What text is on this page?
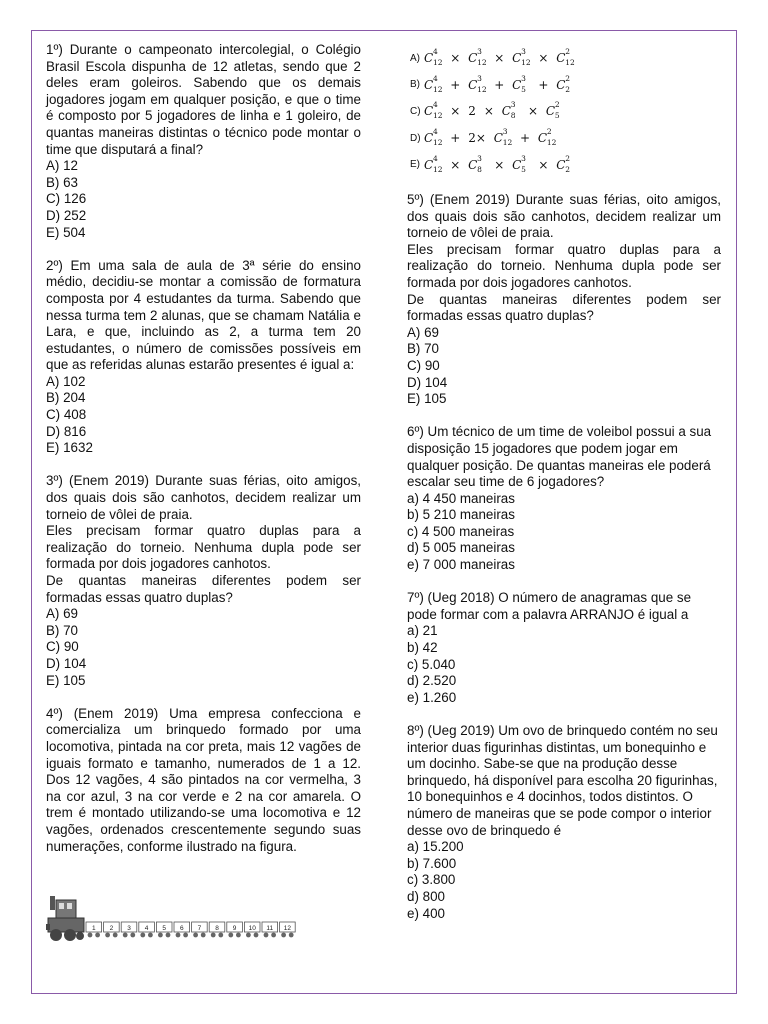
1º) Durante o campeonato intercolegial, o Colégio Brasil Escola dispunha de 12 atletas, sendo que 2 deles eram goleiros. Sabendo que os demais jogadores jogam em qualquer posição, e que o time é composto por 5 jogadores de linha e 1 goleiro, de quantas maneiras distintas o técnico pode montar o time que disputará a final?

A) 12
B) 63
C) 126
D) 252
E) 504

2º) Em uma sala de aula de 3ª série do ensino médio, decidiu-se montar a comissão de formatura composta por 4 estudantes da turma. Sabendo que nessa turma tem 2 alunas, que se chamam Natália e Lara, e que, incluindo as 2, a turma tem 20 estudantes, o número de comissões possíveis em que as referidas alunas estarão presentes é igual a:

A) 102
B) 204
C) 408
D) 816
E) 1632

3º) (Enem 2019) Durante suas férias, oito amigos, dos quais dois são canhotos, decidem realizar um torneio de vôlei de praia.

Eles precisam formar quatro duplas para a realização do torneio. Nenhuma dupla pode ser formada por dois jogadores canhotos.

De quantas maneiras diferentes podem ser formadas essas quatro duplas?

A) 69
B) 70
C) 90
D) 104
E) 105

4º) (Enem 2019) Uma empresa confecciona e comercializa um brinquedo formado por uma locomotiva, pintada na cor preta, mais 12 vagões de iguais formato e tamanho, numerados de 1 a 12. Dos 12 vagões, 4 são pintados na cor vermelha, 3 na cor azul, 3 na cor verde e 2 na cor amarela. O trem é montado utilizando-se uma locomotiva e 12 vagões, ordenados crescentemente segundo suas numerações, conforme ilustrado na figura.

1 2 3 4 5 6 7 8 9 10 11 12
A) C 4
12 × C 3
12 × C 3
12 × C 2
12
B) C 4
12 + C 3
12 + C 3
5 + C 2
2
C) C 4
12 × 2 × C 3
8 × C 2
5
D) C 4
12 + 2× C 3
12 + C 2
12
E) C 4
12 × C 3
8 × C 3
5 × C 2
2

5º) (Enem 2019) Durante suas férias, oito amigos, dos quais dois são canhotos, decidem realizar um torneio de vôlei de praia.

Eles precisam formar quatro duplas para a realização do torneio. Nenhuma dupla pode ser formada por dois jogadores canhotos.

De quantas maneiras diferentes podem ser formadas essas quatro duplas?

A) 69
B) 70
C) 90
D) 104
E) 105

6º) Um técnico de um time de voleibol possui a sua disposição 15 jogadores que podem jogar em qualquer posição. De quantas maneiras ele poderá escalar seu time de 6 jogadores?

a) 4 450 maneiras
b) 5 210 maneiras
c) 4 500 maneiras
d) 5 005 maneiras
e) 7 000 maneiras

7º) (Ueg 2018) O número de anagramas que se pode formar com a palavra ARRANJO é igual a

a) 21
b) 42
c) 5.040
d) 2.520
e) 1.260

8º) (Ueg 2019) Um ovo de brinquedo contém no seu interior duas figurinhas distintas, um bonequinho e um docinho. Sabe-se que na produção desse brinquedo, há disponível para escolha 20 figurinhas, 10 bonequinhos e 4 docinhos, todos distintos. O número de maneiras que se pode compor o interior desse ovo de brinquedo é

a) 15.200
b) 7.600
c) 3.800
d) 800
e) 400
